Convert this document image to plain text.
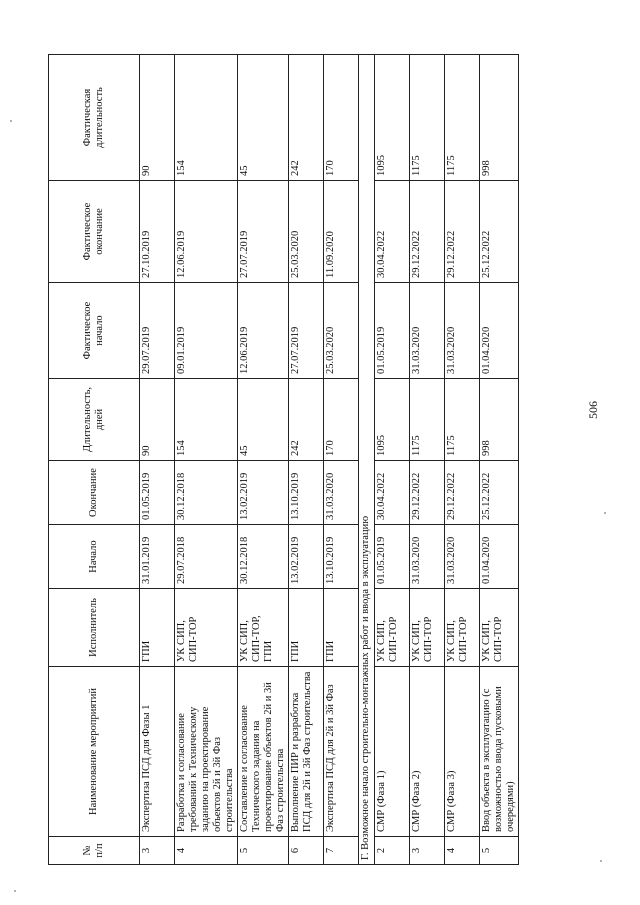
№ п/п	Наименование мероприятий	Исполнитель	Начало	Окончание	Длительность, дней	Фактическое начало	Фактическое окончание	Фактическая длительность
3	Экспертиза ПСД для Фазы 1	ГПИ	31.01.2019	01.05.2019	90	29.07.2019	27.10.2019	90
4	Разработка и согласование требований к Техническому заданию на проектирование объектов 2й и 3й Фаз строительства	УК СИП, СИП-ТОР	29.07.2018	30.12.2018	154	09.01.2019	12.06.2019	154
5	Составление и согласование Технического задания на проектирование объектов 2й и 3й Фаз строительства	УК СИП, СИП-ТОР, ГПИ	30.12.2018	13.02.2019	45	12.06.2019	27.07.2019	45
6	Выполнение ПИР и разработка ПСД для 2й и 3й Фаз строительства	ГПИ	13.02.2019	13.10.2019	242	27.07.2019	25.03.2020	242
7	Экспертиза ПСД для 2й и 3й Фаз	ГПИ	13.10.2019	31.03.2020	170	25.03.2020	11.09.2020	170
Г. Возможное начало строительно-монтажных работ и ввода в эксплуатацию								
2	СМР (Фаза 1)	УК СИП, СИП-ТОР	01.05.2019	30.04.2022	1095	01.05.2019	30.04.2022	1095
3	СМР (Фаза 2)	УК СИП, СИП-ТОР	31.03.2020	29.12.2022	1175	31.03.2020	29.12.2022	1175
4	СМР (Фаза 3)	УК СИП, СИП-ТОР	31.03.2020	29.12.2022	1175	31.03.2020	29.12.2022	1175
5	Ввод объекта в эксплуатацию (с возможностью ввода пусковыми очередями)	УК СИП, СИП-ТОР	01.04.2020	25.12.2022	998	01.04.2020	25.12.2022	998
506
